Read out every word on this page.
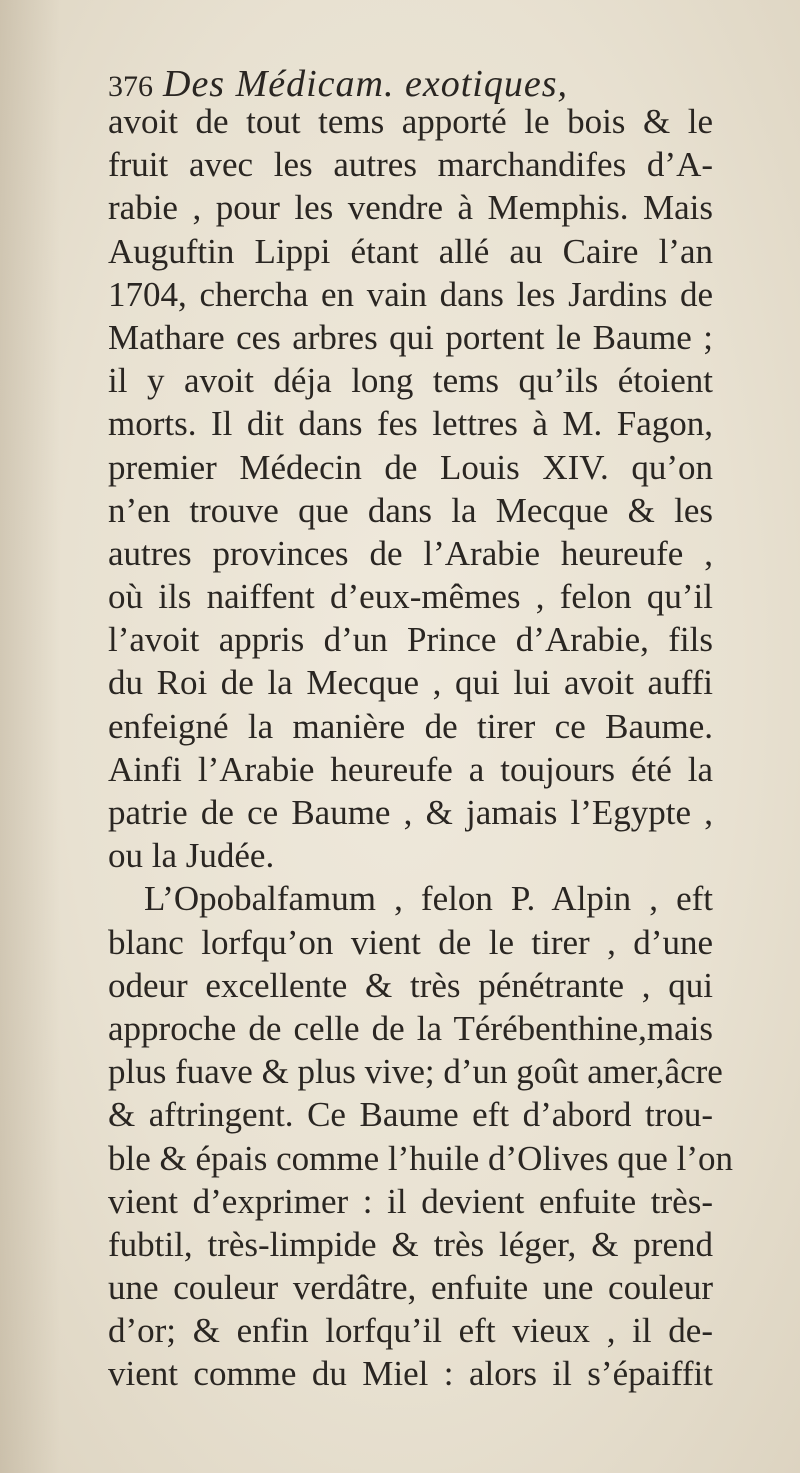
376 Des Médicam. exotiques,
avoit de tout tems apporté le bois & le
fruit avec les autres marchandifes d’A-
rabie , pour les vendre à Memphis. Mais
Auguftin Lippi étant allé au Caire l’an
1704, chercha en vain dans les Jardins de
Mathare ces arbres qui portent le Baume ;
il y avoit déja long tems qu’ils étoient
morts. Il dit dans fes lettres à M. Fagon,
premier Médecin de Louis XIV. qu’on
n’en trouve que dans la Mecque & les
autres provinces de l’Arabie heureufe ,
où ils naiffent d’eux-mêmes , felon qu’il
l’avoit appris d’un Prince d’Arabie, fils
du Roi de la Mecque , qui lui avoit auffi
enfeigné la manière de tirer ce Baume.
Ainfi l’Arabie heureufe a toujours été la
patrie de ce Baume , & jamais l’Egypte ,
ou la Judée.
L’Opobalfamum , felon P. Alpin , eft
blanc lorfqu’on vient de le tirer , d’une
odeur excellente & très pénétrante , qui
approche de celle de la Térébenthine,mais
plus fuave & plus vive; d’un goût amer,âcre
& aftringent. Ce Baume eft d’abord trou-
ble & épais comme l’huile d’Olives que l’on
vient d’exprimer : il devient enfuite très-
fubtil, très-limpide & très léger, & prend
une couleur verdâtre, enfuite une couleur
d’or; & enfin lorfqu’il eft vieux , il de-
vient comme du Miel : alors il s’épaiffit
